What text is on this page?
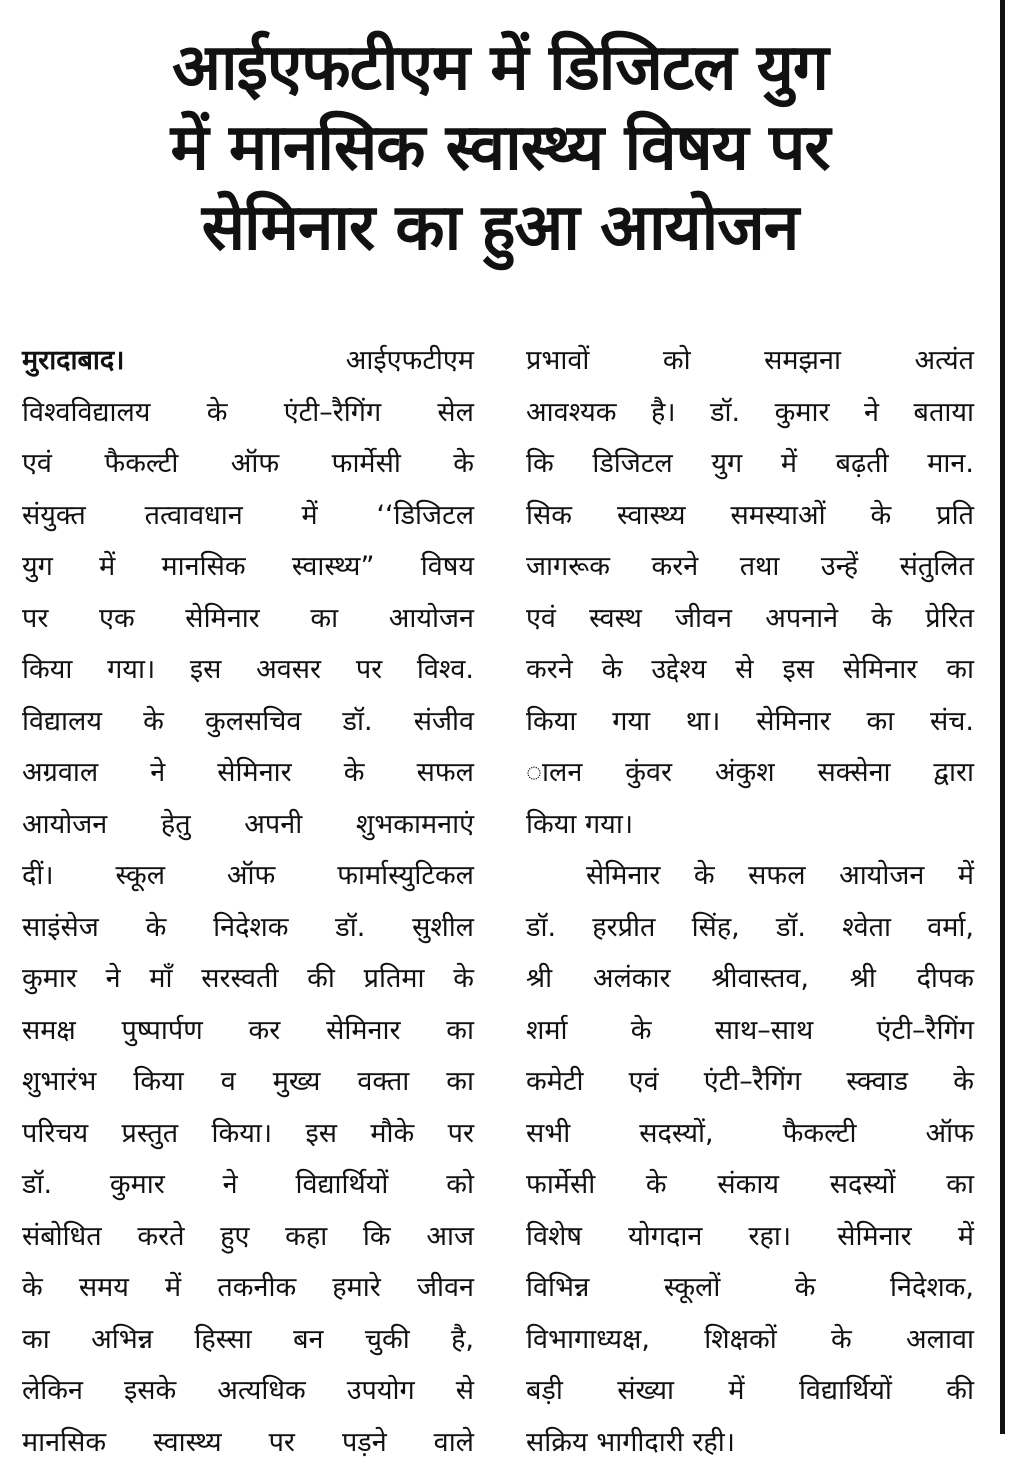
आईएफटीएम में डिजिटल युग
में मानसिक स्वास्थ्य विषय पर
सेमिनार का हुआ आयोजन
मुरादाबाद। आईएफटीएम
विश्वविद्यालय के एंटी–रैगिंग सेल
एवं फैकल्टी ऑफ फार्मेसी के
संयुक्त तत्वावधान में ‘‘डिजिटल
युग में मानसिक स्वास्थ्य” विषय
पर एक सेमिनार का आयोजन
किया गया। इस अवसर पर विश्व.
विद्यालय के कुलसचिव डॉ. संजीव
अग्रवाल ने सेमिनार के सफल
आयोजन हेतु अपनी शुभकामनाएं
दीं। स्कूल ऑफ फार्मास्युटिकल
साइंसेज के निदेशक डॉ. सुशील
कुमार ने माँ सरस्वती की प्रतिमा के
समक्ष पुष्पार्पण कर सेमिनार का
शुभारंभ किया व मुख्य वक्ता का
परिचय प्रस्तुत किया। इस मौके पर
डॉ. कुमार ने विद्यार्थियों को
संबोधित करते हुए कहा कि आज
के समय में तकनीक हमारे जीवन
का अभिन्न हिस्सा बन चुकी है,
लेकिन इसके अत्यधिक उपयोग से
मानसिक स्वास्थ्य पर पड़ने वाले
प्रभावों को समझना अत्यंत
आवश्यक है। डॉ. कुमार ने बताया
कि डिजिटल युग में बढ़ती मान.
सिक स्वास्थ्य समस्याओं के प्रति
जागरूक करने तथा उन्हें संतुलित
एवं स्वस्थ जीवन अपनाने के प्रेरित
करने के उद्देश्य से इस सेमिनार का
किया गया था। सेमिनार का संच.
ालन कुंवर अंकुश सक्सेना द्वारा
किया गया।
सेमिनार के सफल आयोजन में
डॉ. हरप्रीत सिंह, डॉ. श्वेता वर्मा,
श्री अलंकार श्रीवास्तव, श्री दीपक
शर्मा के साथ–साथ एंटी–रैगिंग
कमेटी एवं एंटी–रैगिंग स्क्वाड के
सभी सदस्यों, फैकल्टी ऑफ
फार्मेसी के संकाय सदस्यों का
विशेष योगदान रहा। सेमिनार में
विभिन्न स्कूलों के निदेशक,
विभागाध्यक्ष, शिक्षकों के अलावा
बड़ी संख्या में विद्यार्थियों की
सक्रिय भागीदारी रही।
